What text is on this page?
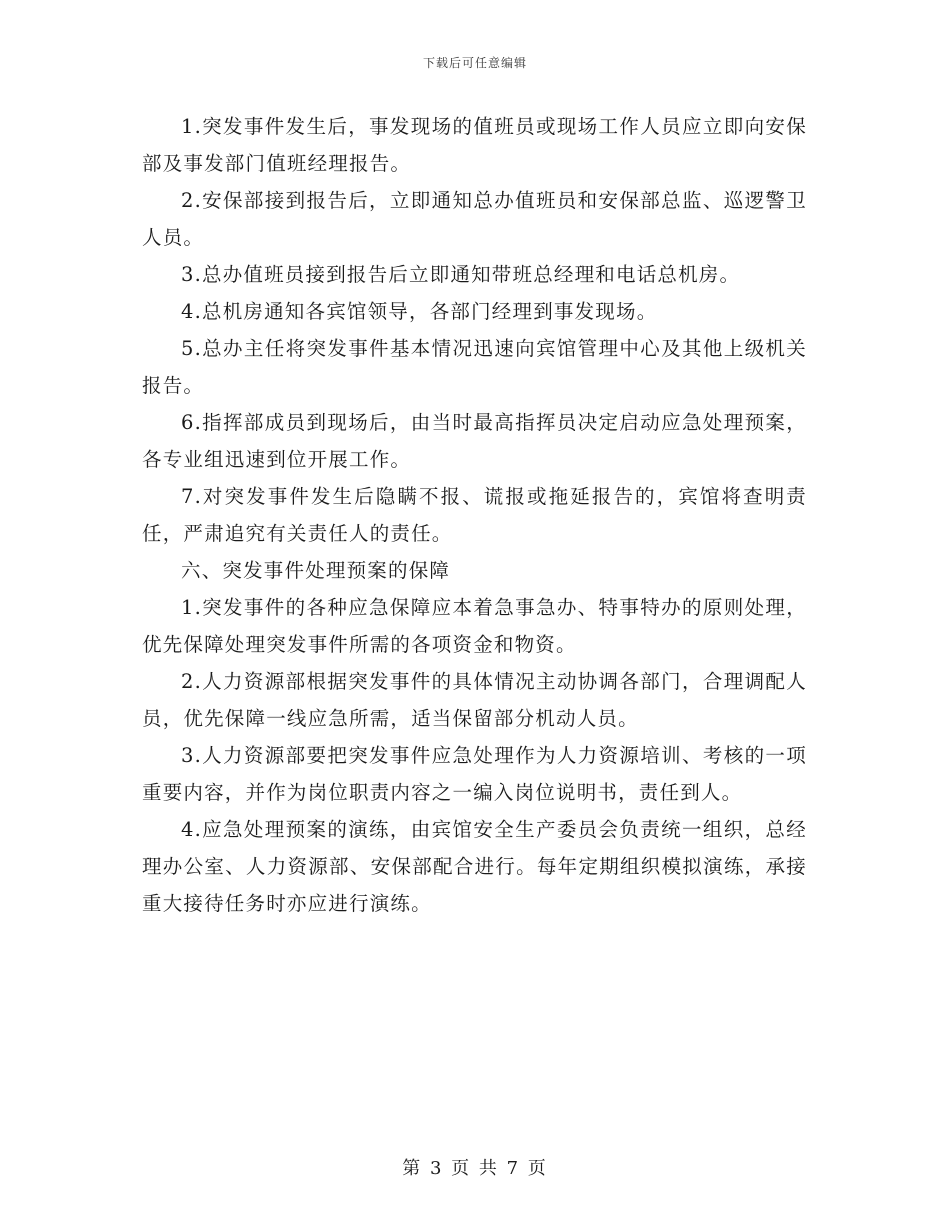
下载后可任意编辑

1.突发事件发生后，事发现场的值班员或现场工作人员应立即向安保部及事发部门值班经理报告。

2.安保部接到报告后，立即通知总办值班员和安保部总监、巡逻警卫人员。

3.总办值班员接到报告后立即通知带班总经理和电话总机房。

4.总机房通知各宾馆领导，各部门经理到事发现场。

5.总办主任将突发事件基本情况迅速向宾馆管理中心及其他上级机关报告。

6.指挥部成员到现场后，由当时最高指挥员决定启动应急处理预案，各专业组迅速到位开展工作。

7.对突发事件发生后隐瞒不报、谎报或拖延报告的，宾馆将查明责任，严肃追究有关责任人的责任。

六、突发事件处理预案的保障

1.突发事件的各种应急保障应本着急事急办、特事特办的原则处理，优先保障处理突发事件所需的各项资金和物资。

2.人力资源部根据突发事件的具体情况主动协调各部门，合理调配人员，优先保障一线应急所需，适当保留部分机动人员。

3.人力资源部要把突发事件应急处理作为人力资源培训、考核的一项重要内容，并作为岗位职责内容之一编入岗位说明书，责任到人。

4.应急处理预案的演练，由宾馆安全生产委员会负责统一组织，总经理办公室、人力资源部、安保部配合进行。每年定期组织模拟演练，承接重大接待任务时亦应进行演练。

第 3 页 共 7 页
